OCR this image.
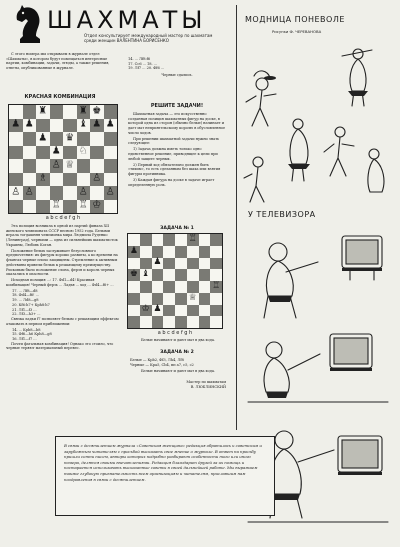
ШАХМАТЫ
Отдел консультирует международный мастер по шахматам среди женщин ВАЛЕНТИНА БОРИСЕНКО

С этого номера мы открываем в журнале отдел «Шахматы», в котором будут помещаться интересные партии, комбинации, задачи, этюды, а также решения, ответы, опубликованные в журнале.

КРАСНАЯ КОМБИНАЦИЯ
♜	♜ ♚
♟ ♟	♝ ♟ ♟
♟ ♛
♟ ♘
♙ ♕
♗	♙
♙ ♙	♙ ♙
♖ ♖ ♔
a b c d e f g h

Эта позиция возникла в одной из партий финала XII женского чемпионата СССР весною 1952 года. Белыми играла тогдашняя чемпионка мира Людмила Руденко (Ленинград), черными — одна из сильнейших шахматисток Украины, Любовь Коган.

Положение белых заслуживает безусловного предпочтения: их фигуры хорошо развиты, а ко времени на флангах черные плохо защищены. Стремление к активным действиям привели белых к решающему преимуществу. Рисковым было положение слона, ферзя и король черных оказались в опасности.

Исходная позиция ...: 17. Фd1—d4! Красивая комбинация! Черный ферзь ... Ладья ... ход ... Фd4—f6+ ...

17. ... Лf8—d8
18. Фd4—f6! ...
19. ... Лd8—g8
20. Кf6:h7+ Крh8:h7
21. Лf1—f3 ...
22. Лf3—h3+ ...

Связка ладьи f7 позволяет белым с решающим эффектом атаковать в первом приближении:

14. ... Крb8—b8
15. Фf6—h6 Крh8—g8
16. Лf1—f7 ...

Почти фатальная комбинация! Однако это стоило, что черные теряют материальный перевес.

14. ... Лf8:f6
17. Сc6 ... 18. ...
19. Лf7 ... 20. Фf6 ...
Черные сдались.
РЕШИТЕ ЗАДАЧИ!

Шахматная задача — это искусственно созданная позиция шахматных фигур на доске, в которой одна из сторон (обычно белые) начинает и дает мат неприятельскому королю в обусловленное число ходов.

При решении шахматной задачи нужно знать следующее:

1) Задача должна иметь только одно единственное решение, приводящее к цели при любой защите черных.

2) Первый ход обязательно должен быть «тихим», то есть сделанным без шаха или взятия фигуры противника.

3) Каждая фигура на доске в задаче играет определенную роль.

ЗАДАЧА № 1
♖
♟
♟
♚ ♝
♖
♕
♔ ♟
a b c d e f g h
Белые начинают и дают мат в два хода.
ЗАДАЧА № 2
Белые — Крb2, Фf3, Лh4, Лf8
Черные — Крa5, Сb4, пп a7, c5, c2
Белые начинают и дают мат в два хода.
Мастер по шахматам
В. ЛЮБЛИНСКИЙ
МОДНИЦА ПОНЕВОЛЕ
Рисунки Ф. ЧЕРЕВАНОВА
У ТЕЛЕВИЗОРА
В связи с десятилетием журнала «Советская женщина» редакция обратилась к советским и зарубежным читателям с просьбой высказать свое мнение о журнале. В ответ на просьбу пришли сотни писем, авторы которых подробно разбирают особенности того или иного номера, делятся своими впечатлениями. Редакция благодарит друзей за их помощь и постарается использовать высказанные советы в своей дальнейшей работе. Мы выражаем также глубокую признательность всем организациям и читателям, приславшим нам поздравления в связи с десятилетием.
